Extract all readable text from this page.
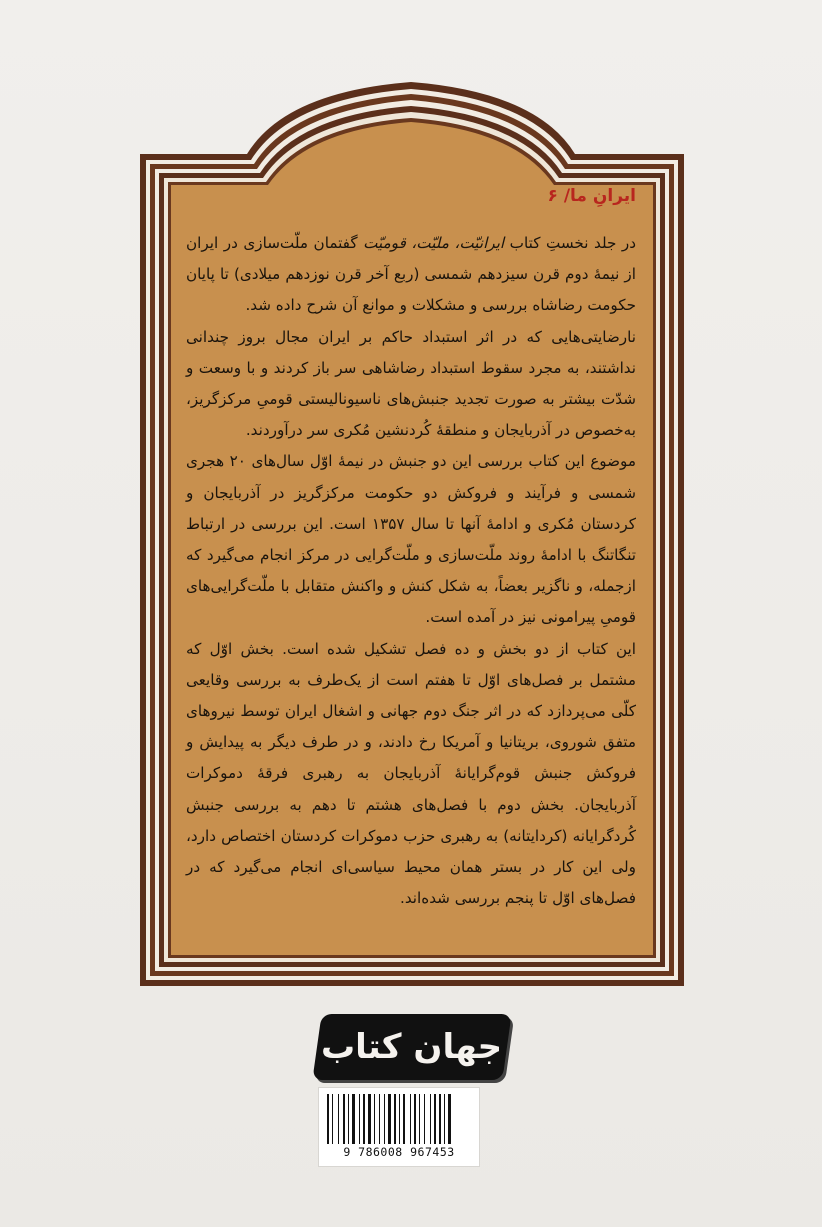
ایرانِ ما/ ۶

در جلد نخستِ کتاب ایرانیّت، ملیّت، قومیّت گفتمان ملّت‌سازی در ایران از نیمهٔ دوم قرن سیزدهم شمسی (ربع آخر قرن نوزدهم میلادی) تا پایان حکومت رضاشاه بررسی و مشکلات و موانع آن شرح داده شد.

نارضایتی‌هایی که در اثر استبداد حاکم بر ایران مجال بروز چندانی نداشتند، به مجرد سقوط استبداد رضاشاهی سر باز کردند و با وسعت و شدّت بیشتر به صورت تجدید جنبش‌های ناسیونالیستی قومیِ مرکزگریز، به‌خصوص در آذربایجان و منطقهٔ کُردنشین مُکری سر درآوردند.

موضوع این کتاب بررسی این دو جنبش در نیمهٔ اوّل سال‌های ۲۰ هجری شمسی و فرآیند و فروکش دو حکومت مرکزگریز در آذربایجان و کردستان مُکری و ادامهٔ آنها تا سال ۱۳۵۷ است. این بررسی در ارتباط تنگاتنگ با ادامهٔ روند ملّت‌سازی و ملّت‌گرایی در مرکز انجام می‌گیرد که ازجمله، و ناگزیر بعضاً، به شکل کنش و واکنش متقابل با ملّت‌گرایی‌های قومیِ پیرامونی نیز در آمده است.

این کتاب از دو بخش و ده فصل تشکیل شده است. بخش اوّل که مشتمل بر فصل‌های اوّل تا هفتم است از یک‌طرف به بررسی وقایعی کلّی می‌پردازد که در اثر جنگ دوم جهانی و اشغال ایران توسط نیروهای متفق شوروی، بریتانیا و آمریکا رخ دادند، و در طرف دیگر به پیدایش و فروکش جنبش قوم‌گرایانهٔ آذربایجان به رهبری فرقهٔ دموکرات آذربایجان. بخش دوم با فصل‌های هشتم تا دهم به بررسی جنبش کُردگرایانه (کردایتانه) به رهبری حزب دموکرات کردستان اختصاص دارد، ولی این کار در بستر همان محیط سیاسی‌ای انجام می‌گیرد که در فصل‌های اوّل تا پنجم بررسی شده‌اند.

جهان کتاب
9 786008 967453
